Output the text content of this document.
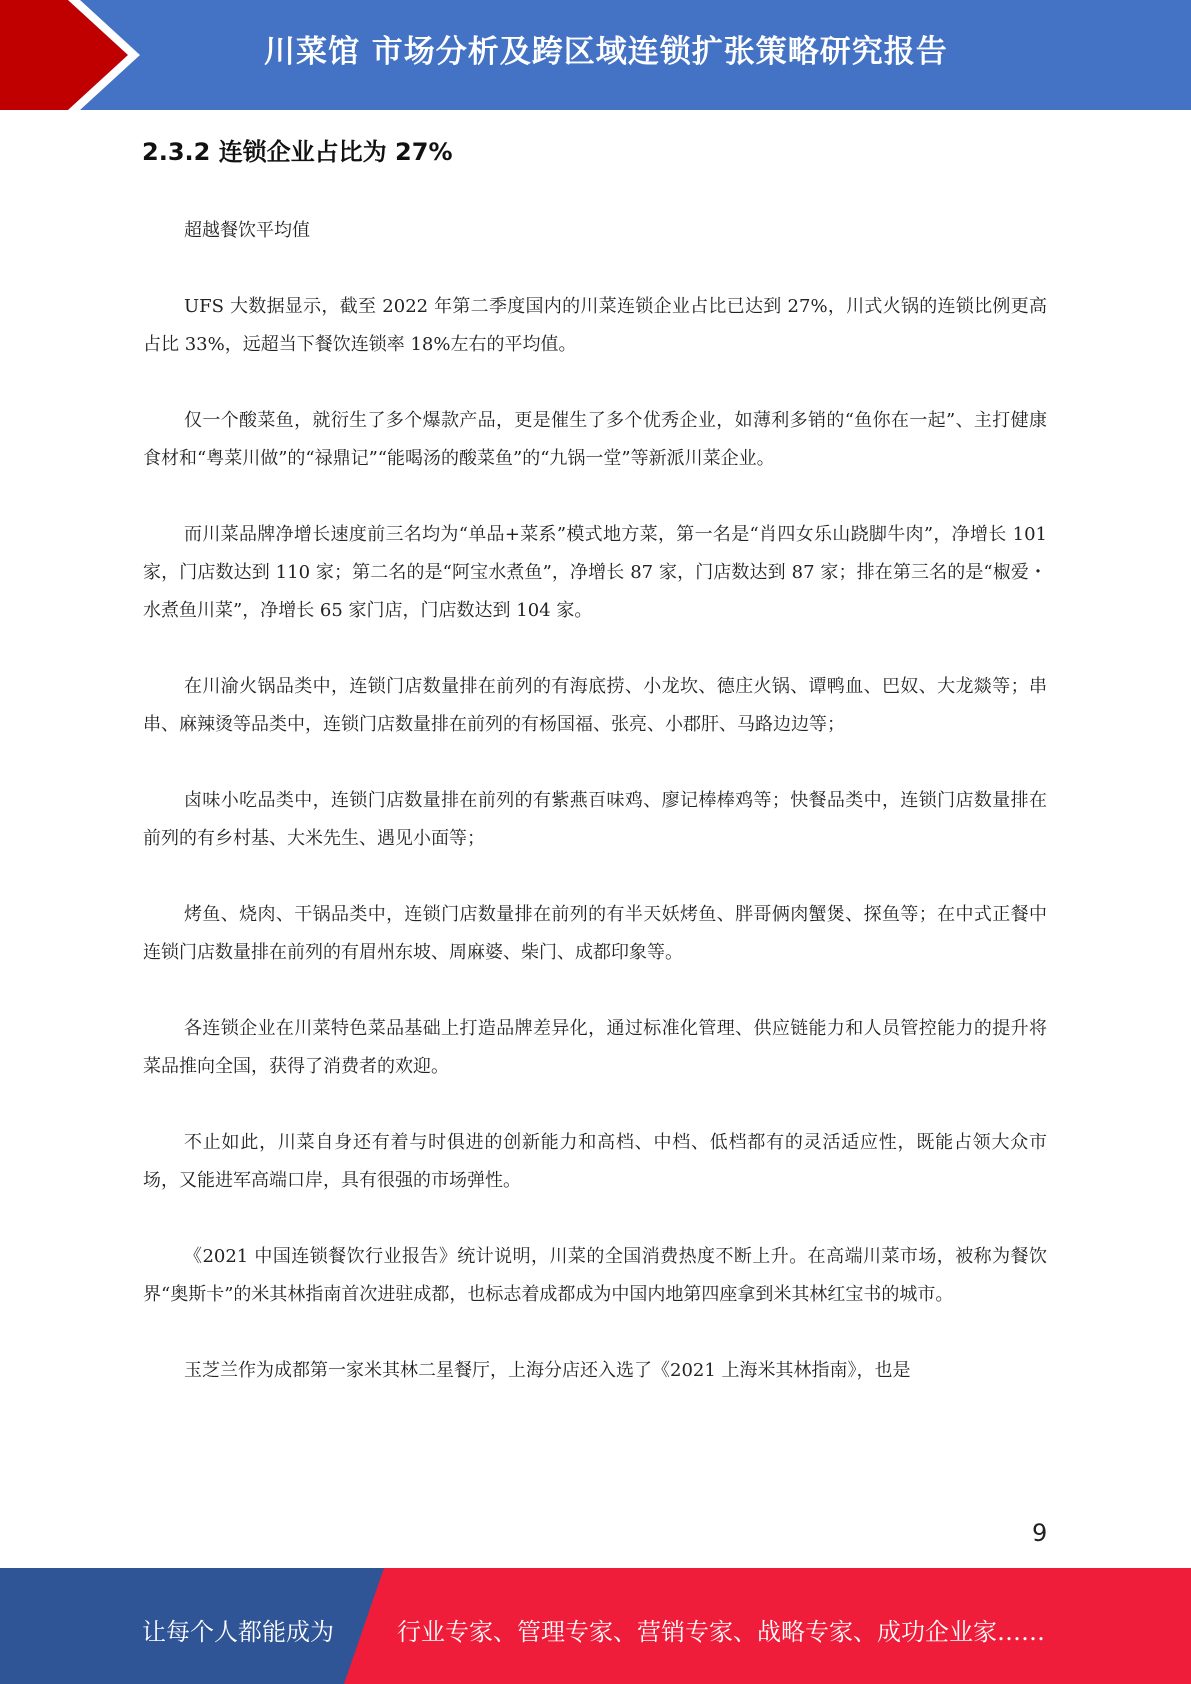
川菜馆 市场分析及跨区域连锁扩张策略研究报告
2.3.2 连锁企业占比为 27%

超越餐饮平均值

UFS 大数据显示，截至 2022 年第二季度国内的川菜连锁企业占比已达到 27%，川式火锅的连锁比例更高占比 33%，远超当下餐饮连锁率 18%左右的平均值。

仅一个酸菜鱼，就衍生了多个爆款产品，更是催生了多个优秀企业，如薄利多销的“鱼你在一起”、主打健康食材和“粤菜川做”的“禄鼎记”“能喝汤的酸菜鱼”的“九锅一堂”等新派川菜企业。

而川菜品牌净增长速度前三名均为“单品+菜系”模式地方菜，第一名是“肖四女乐山跷脚牛肉”，净增长 101 家，门店数达到 110 家；第二名的是“阿宝水煮鱼”，净增长 87 家，门店数达到 87 家；排在第三名的是“椒爱・水煮鱼川菜”，净增长 65 家门店，门店数达到 104 家。

在川渝火锅品类中，连锁门店数量排在前列的有海底捞、小龙坎、德庄火锅、谭鸭血、巴奴、大龙燚等；串串、麻辣烫等品类中，连锁门店数量排在前列的有杨国福、张亮、小郡肝、马路边边等；

卤味小吃品类中，连锁门店数量排在前列的有紫燕百味鸡、廖记棒棒鸡等；快餐品类中，连锁门店数量排在前列的有乡村基、大米先生、遇见小面等；

烤鱼、烧肉、干锅品类中，连锁门店数量排在前列的有半天妖烤鱼、胖哥俩肉蟹煲、探鱼等；在中式正餐中连锁门店数量排在前列的有眉州东坡、周麻婆、柴门、成都印象等。

各连锁企业在川菜特色菜品基础上打造品牌差异化，通过标准化管理、供应链能力和人员管控能力的提升将菜品推向全国，获得了消费者的欢迎。

不止如此，川菜自身还有着与时俱进的创新能力和高档、中档、低档都有的灵活适应性，既能占领大众市场，又能进军高端口岸，具有很强的市场弹性。

《2021 中国连锁餐饮行业报告》统计说明，川菜的全国消费热度不断上升。在高端川菜市场，被称为餐饮界“奥斯卡”的米其林指南首次进驻成都，也标志着成都成为中国内地第四座拿到米其林红宝书的城市。

玉芝兰作为成都第一家米其林二星餐厅，上海分店还入选了《2021 上海米其林指南》，也是

9
让每个人都能成为	行业专家、管理专家、营销专家、战略专家、成功企业家……
